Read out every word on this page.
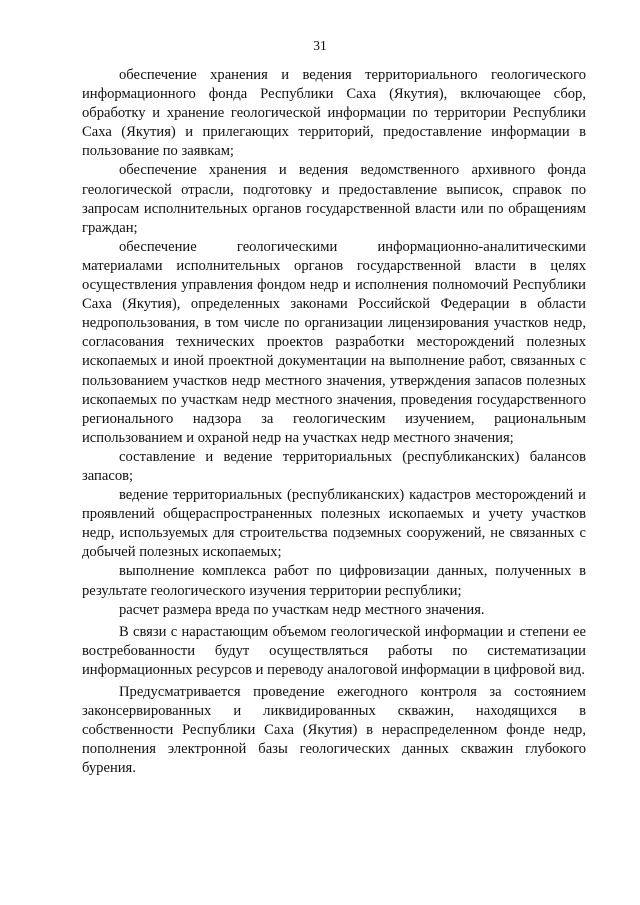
31

обеспечение хранения и ведения территориального геологического информационного фонда Республики Саха (Якутия), включающее сбор, обработку и хранение геологической информации по территории Республики Саха (Якутия) и прилегающих территорий, предоставление информации в пользование по заявкам;

обеспечение хранения и ведения ведомственного архивного фонда геологической отрасли, подготовку и предоставление выписок, справок по запросам исполнительных органов государственной власти или по обращениям граждан;

обеспечение геологическими информационно-аналитическими материалами исполнительных органов государственной власти в целях осуществления управления фондом недр и исполнения полномочий Республики Саха (Якутия), определенных законами Российской Федерации в области недропользования, в том числе по организации лицензирования участков недр, согласования технических проектов разработки месторождений полезных ископаемых и иной проектной документации на выполнение работ, связанных с пользованием участков недр местного значения, утверждения запасов полезных ископаемых по участкам недр местного значения, проведения государственного регионального надзора за геологическим изучением, рациональным использованием и охраной недр на участках недр местного значения;

составление и ведение территориальных (республиканских) балансов запасов;

ведение территориальных (республиканских) кадастров месторождений и проявлений общераспространенных полезных ископаемых и учету участков недр, используемых для строительства подземных сооружений, не связанных с добычей полезных ископаемых;

выполнение комплекса работ по цифровизации данных, полученных в результате геологического изучения территории республики;

расчет размера вреда по участкам недр местного значения.

В связи с нарастающим объемом геологической информации и степени ее востребованности будут осуществляться работы по систематизации информационных ресурсов и переводу аналоговой информации в цифровой вид.

Предусматривается проведение ежегодного контроля за состоянием законсервированных и ликвидированных скважин, находящихся в собственности Республики Саха (Якутия) в нераспределенном фонде недр, пополнения электронной базы геологических данных скважин глубокого бурения.
